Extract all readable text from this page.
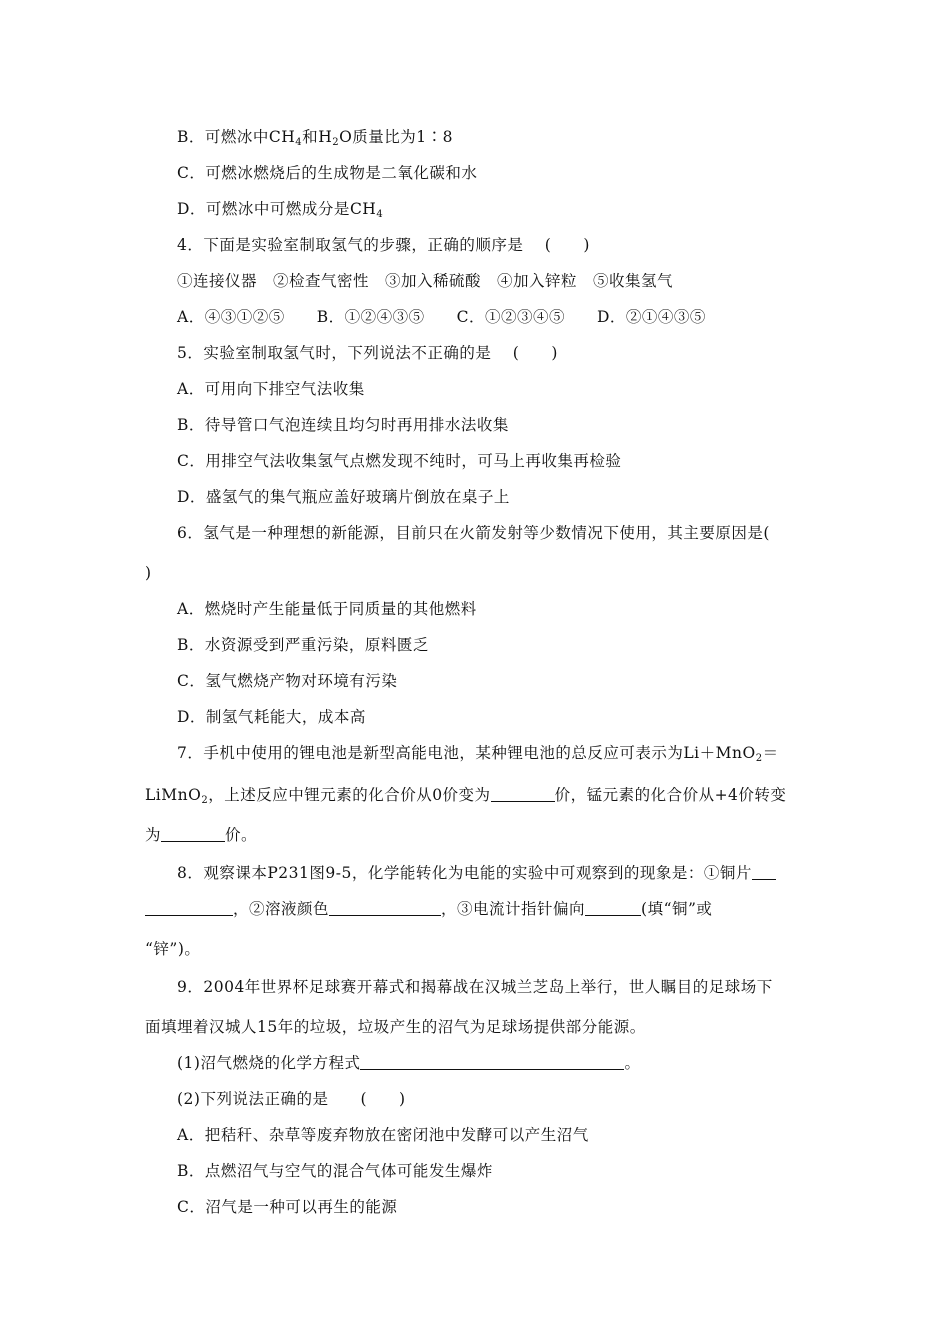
B．可燃冰中$CH_4$和$H_2O$质量比为1∶8
C．可燃冰燃烧后的生成物是二氧化碳和水
D．可燃冰中可燃成分是$CH_4$
4．下面是实验室制取氢气的步骤，正确的顺序是　 (　　)
①连接仪器　②检查气密性　③加入稀硫酸　④加入锌粒　⑤收集氢气
A．④③①②⑤ B．①②④③⑤ C．①②③④⑤ D．②①④③⑤
5．实验室制取氢气时，下列说法不正确的是　 (　　)
A．可用向下排空气法收集
B．待导管口气泡连续且均匀时再用排水法收集
C．用排空气法收集氢气点燃发现不纯时，可马上再收集再检验
D．盛氢气的集气瓶应盖好玻璃片倒放在桌子上
6．氢气是一种理想的新能源，目前只在火箭发射等少数情况下使用，其主要原因是(
)
A．燃烧时产生能量低于同质量的其他燃料
B．水资源受到严重污染，原料匮乏
C．氢气燃烧产物对环境有污染
D．制氢气耗能大，成本高
7．手机中使用的锂电池是新型高能电池，某种锂电池的总反应可表示为Li＋MnO$_2$＝
LiMnO$_2$，上述反应中锂元素的化合价从0价变为	价，锰元素的化合价从+4价转变
为	价。
8．观察课本P231图9-5，化学能转化为电能的实验中可观察到的现象是：①铜片
，②溶液颜色	，③电流计指针偏向	(填“铜”或
“锌”)。
9．2004年世界杯足球赛开幕式和揭幕战在汉城兰芝岛上举行，世人瞩目的足球场下
面填埋着汉城人15年的垃圾，垃圾产生的沼气为足球场提供部分能源。
(1)沼气燃烧的化学方程式	。
(2)下列说法正确的是　　(　　)
A．把秸秆、杂草等废弃物放在密闭池中发酵可以产生沼气
B．点燃沼气与空气的混合气体可能发生爆炸
C．沼气是一种可以再生的能源
